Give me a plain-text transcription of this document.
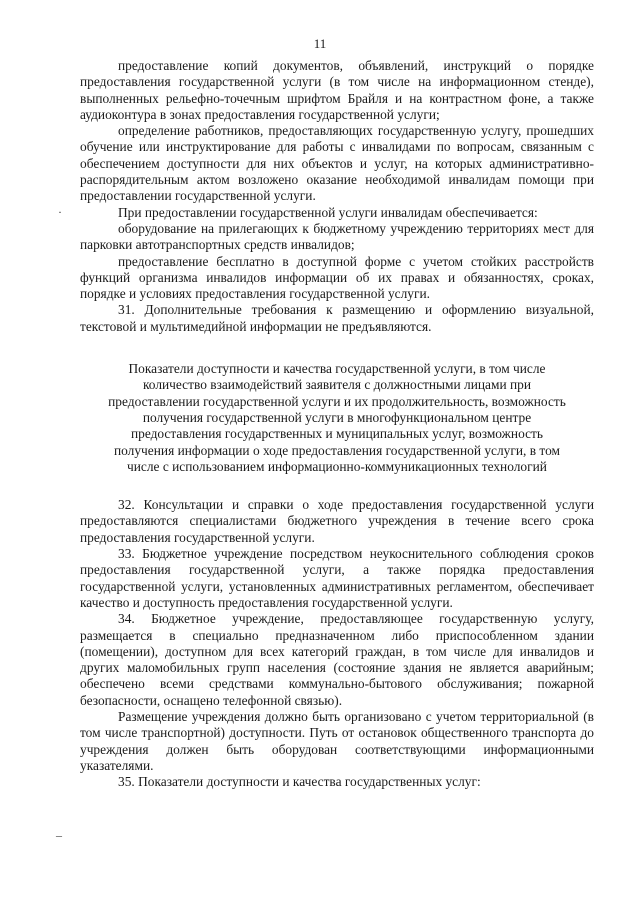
11
·
–

предоставление копий документов, объявлений, инструкций о порядке предоставления государственной услуги (в том числе на информационном стенде), выполненных рельефно-точечным шрифтом Брайля и на контрастном фоне, а также аудиоконтура в зонах предоставления государственной услуги;

определение работников, предоставляющих государственную услугу, прошедших обучение или инструктирование для работы с инвалидами по вопросам, связанным с обеспечением доступности для них объектов и услуг, на которых административно-распорядительным актом возложено оказание необходимой инвалидам помощи при предоставлении государственной услуги.

При предоставлении государственной услуги инвалидам обеспечивается:

оборудование на прилегающих к бюджетному учреждению территориях мест для парковки автотранспортных средств инвалидов;

предоставление бесплатно в доступной форме с учетом стойких расстройств функций организма инвалидов информации об их правах и обязанностях, сроках, порядке и условиях предоставления государственной услуги.

31. Дополнительные требования к размещению и оформлению визуальной, текстовой и мультимедийной информации не предъявляются.

Показатели доступности и качества государственной услуги, в том числе
количество взаимодействий заявителя с должностными лицами при
предоставлении государственной услуги и их продолжительность, возможность
получения государственной услуги в многофункциональном центре
предоставления государственных и муниципальных услуг, возможность
получения информации о ходе предоставления государственной услуги, в том
числе с использованием информационно-коммуникационных технологий

32. Консультации и справки о ходе предоставления государственной услуги предоставляются специалистами бюджетного учреждения в течение всего срока предоставления государственной услуги.

33. Бюджетное учреждение посредством неукоснительного соблюдения сроков предоставления государственной услуги, а также порядка предоставления государственной услуги, установленных административных регламентом, обеспечивает качество и доступность предоставления государственной услуги.

34. Бюджетное учреждение, предоставляющее государственную услугу, размещается в специально предназначенном либо приспособленном здании (помещении), доступном для всех категорий граждан, в том числе для инвалидов и других маломобильных групп населения (состояние здания не является аварийным; обеспечено всеми средствами коммунально-бытового обслуживания; пожарной безопасности, оснащено телефонной связью).

Размещение учреждения должно быть организовано с учетом территориальной (в том числе транспортной) доступности. Путь от остановок общественного транспорта до учреждения должен быть оборудован соответствующими информационными указателями.

35. Показатели доступности и качества государственных услуг:
